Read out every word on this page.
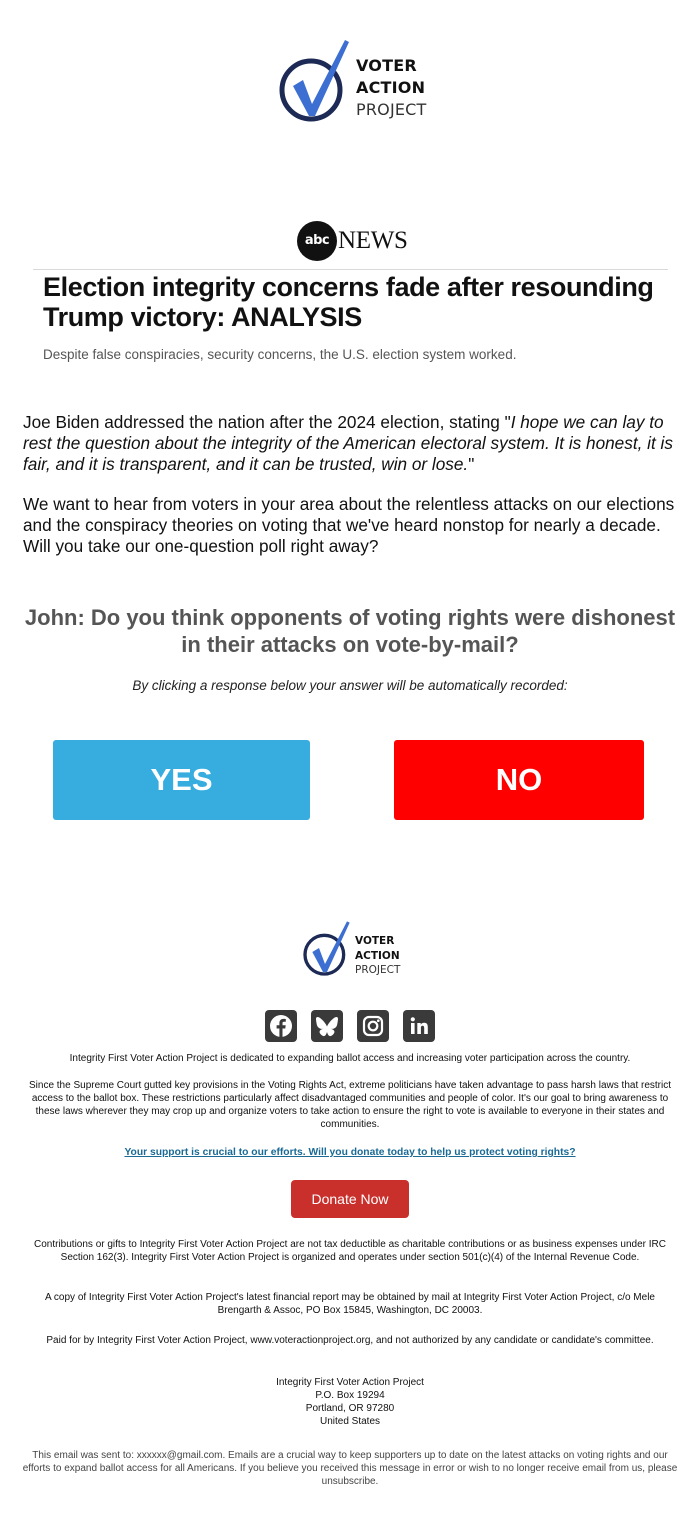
VOTER
ACTION
PROJECT
abc NEWS
Election integrity concerns fade after resounding Trump victory: ANALYSIS
Despite false conspiracies, security concerns, the U.S. election system worked.
Joe Biden addressed the nation after the 2024 election, stating "I hope we can lay to rest the question about the integrity of the American electoral system. It is honest, it is fair, and it is transparent, and it can be trusted, win or lose."
We want to hear from voters in your area about the relentless attacks on our elections and the conspiracy theories on voting that we've heard nonstop for nearly a decade. Will you take our one-question poll right away?
John: Do you think opponents of voting rights were dishonest in their attacks on vote-by-mail?
By clicking a response below your answer will be automatically recorded:
YES	NO
VOTER
ACTION
PROJECT
Integrity First Voter Action Project is dedicated to expanding ballot access and increasing voter participation across the country.
Since the Supreme Court gutted key provisions in the Voting Rights Act, extreme politicians have taken advantage to pass harsh laws that restrict access to the ballot box. These restrictions particularly affect disadvantaged communities and people of color. It's our goal to bring awareness to these laws wherever they may crop up and organize voters to take action to ensure the right to vote is available to everyone in their states and communities.
Your support is crucial to our efforts. Will you donate today to help us protect voting rights?
Donate Now
Contributions or gifts to Integrity First Voter Action Project are not tax deductible as charitable contributions or as business expenses under IRC Section 162(3). Integrity First Voter Action Project is organized and operates under section 501(c)(4) of the Internal Revenue Code.
A copy of Integrity First Voter Action Project's latest financial report may be obtained by mail at Integrity First Voter Action Project, c/o Mele Brengarth & Assoc, PO Box 15845, Washington, DC 20003.
Paid for by Integrity First Voter Action Project, www.voteractionproject.org, and not authorized by any candidate or candidate's committee.
Integrity First Voter Action Project
P.O. Box 19294
Portland, OR 97280
United States
This email was sent to: xxxxxx@gmail.com. Emails are a crucial way to keep supporters up to date on the latest attacks on voting rights and our efforts to expand ballot access for all Americans. If you believe you received this message in error or wish to no longer receive email from us, please unsubscribe.
